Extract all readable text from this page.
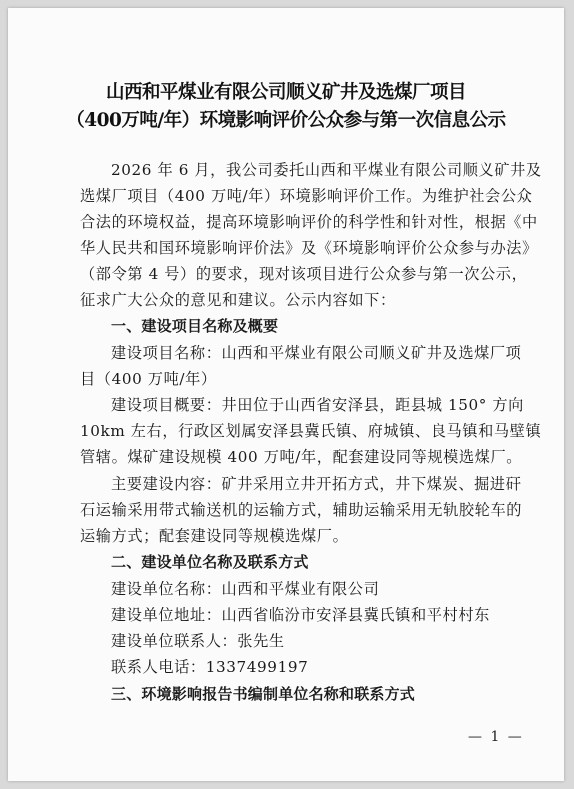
山西和平煤业有限公司顺义矿井及选煤厂项目
（400万吨/年）环境影响评价公众参与第一次信息公示
2026 年 6 月，我公司委托山西和平煤业有限公司顺义矿井及
选煤厂项目（400 万吨/年）环境影响评价工作。为维护社会公众
合法的环境权益，提高环境影响评价的科学性和针对性，根据《中
华人民共和国环境影响评价法》及《环境影响评价公众参与办法》
（部令第 4 号）的要求，现对该项目进行公众参与第一次公示，
征求广大公众的意见和建议。公示内容如下：
一、建设项目名称及概要
建设项目名称：山西和平煤业有限公司顺义矿井及选煤厂项
目（400 万吨/年）
建设项目概要：井田位于山西省安泽县，距县城 150° 方向
10km 左右，行政区划属安泽县冀氏镇、府城镇、良马镇和马壁镇
管辖。煤矿建设规模 400 万吨/年，配套建设同等规模选煤厂。
主要建设内容：矿井采用立井开拓方式，井下煤炭、掘进矸
石运输采用带式输送机的运输方式，辅助运输采用无轨胶轮车的
运输方式；配套建设同等规模选煤厂。
二、建设单位名称及联系方式
建设单位名称：山西和平煤业有限公司
建设单位地址：山西省临汾市安泽县冀氏镇和平村村东
建设单位联系人：张先生
联系人电话：1337499197
三、环境影响报告书编制单位名称和联系方式
— 1 —
